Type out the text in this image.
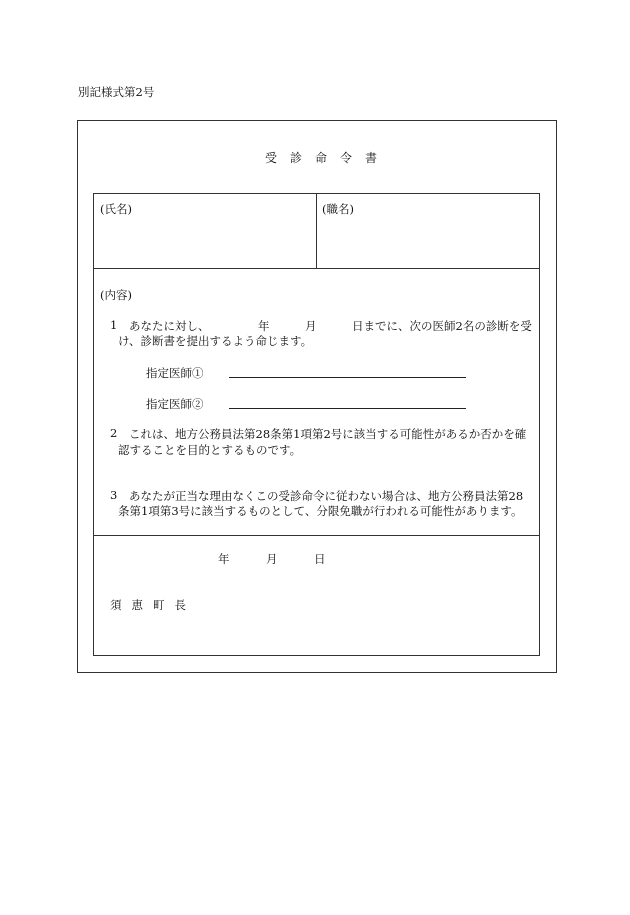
別記様式第2号
受診命令書
(氏名)	(職名)
(内容)
1 あなたに対し、	年	月	日までに、次の医師2名の診断を受
け、診断書を提出するよう命じます。
指定医師①
指定医師②
2 これは、地方公務員法第28条第1項第2号に該当する可能性があるか否かを確
認することを目的とするものです。
3 あなたが正当な理由なくこの受診命令に従わない場合は、地方公務員法第28
条第1項第3号に該当するものとして、分限免職が行われる可能性があります。
年	月	日
須恵町長
